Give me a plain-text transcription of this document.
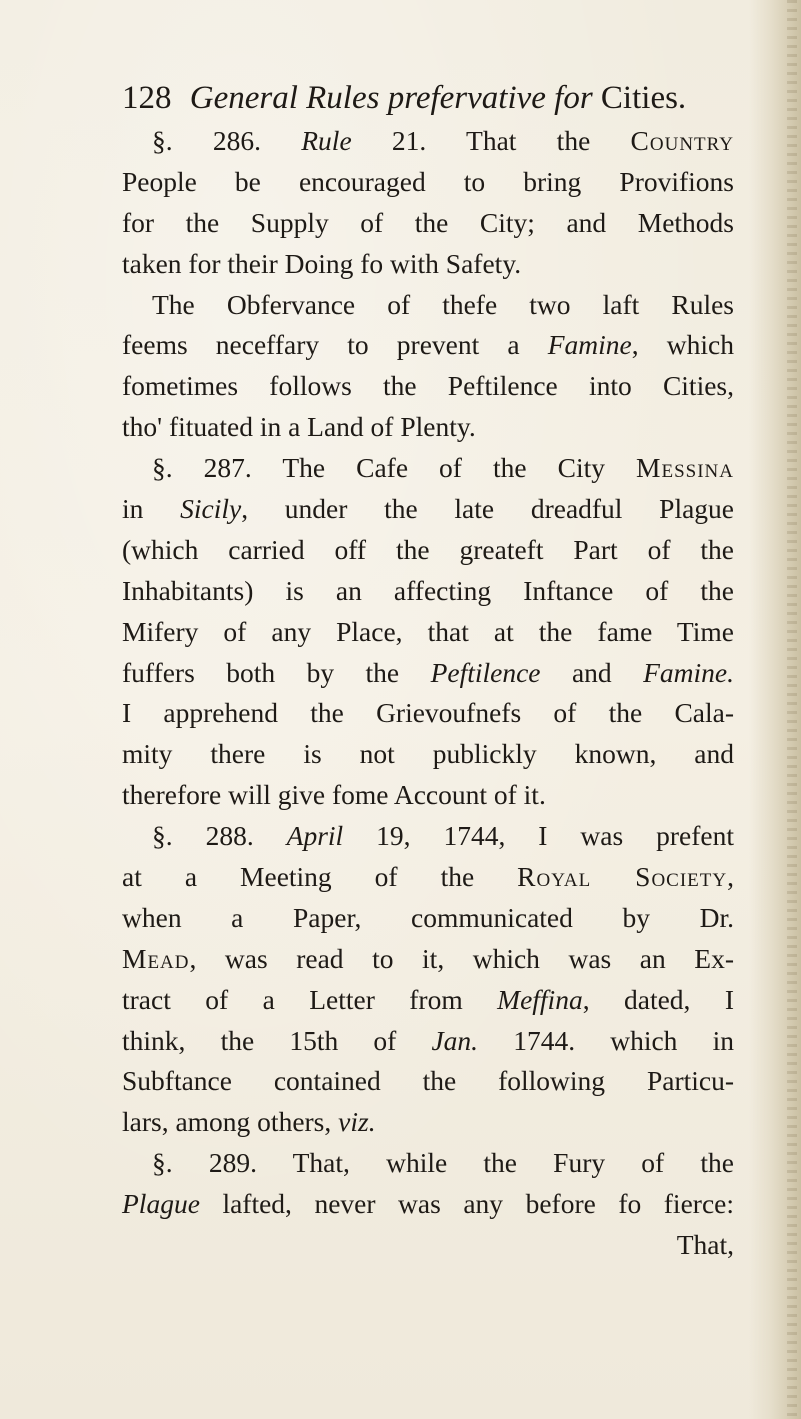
128 General Rules prefervative for Cities.
§. 286. Rule 21. That the Country
People be encouraged to bring Provifions
for the Supply of the City; and Methods
taken for their Doing fo with Safety.
The Obfervance of thefe two laft Rules
feems neceffary to prevent a Famine, which
fometimes follows the Peftilence into Cities,
tho' fituated in a Land of Plenty.
§. 287. The Cafe of the City Messina
in Sicily, under the late dreadful Plague
(which carried off the greateft Part of the
Inhabitants) is an affecting Inftance of the
Mifery of any Place, that at the fame Time
fuffers both by the Peftilence and Famine.
I apprehend the Grievoufnefs of the Cala-
mity there is not publickly known, and
therefore will give fome Account of it.
§. 288. April 19, 1744, I was prefent
at a Meeting of the Royal Society,
when a Paper, communicated by Dr.
Mead, was read to it, which was an Ex-
tract of a Letter from Meffina, dated, I
think, the 15th of Jan. 1744. which in
Subftance contained the following Particu-
lars, among others, viz.
§. 289. That, while the Fury of the
Plague lafted, never was any before fo fierce:
That,
